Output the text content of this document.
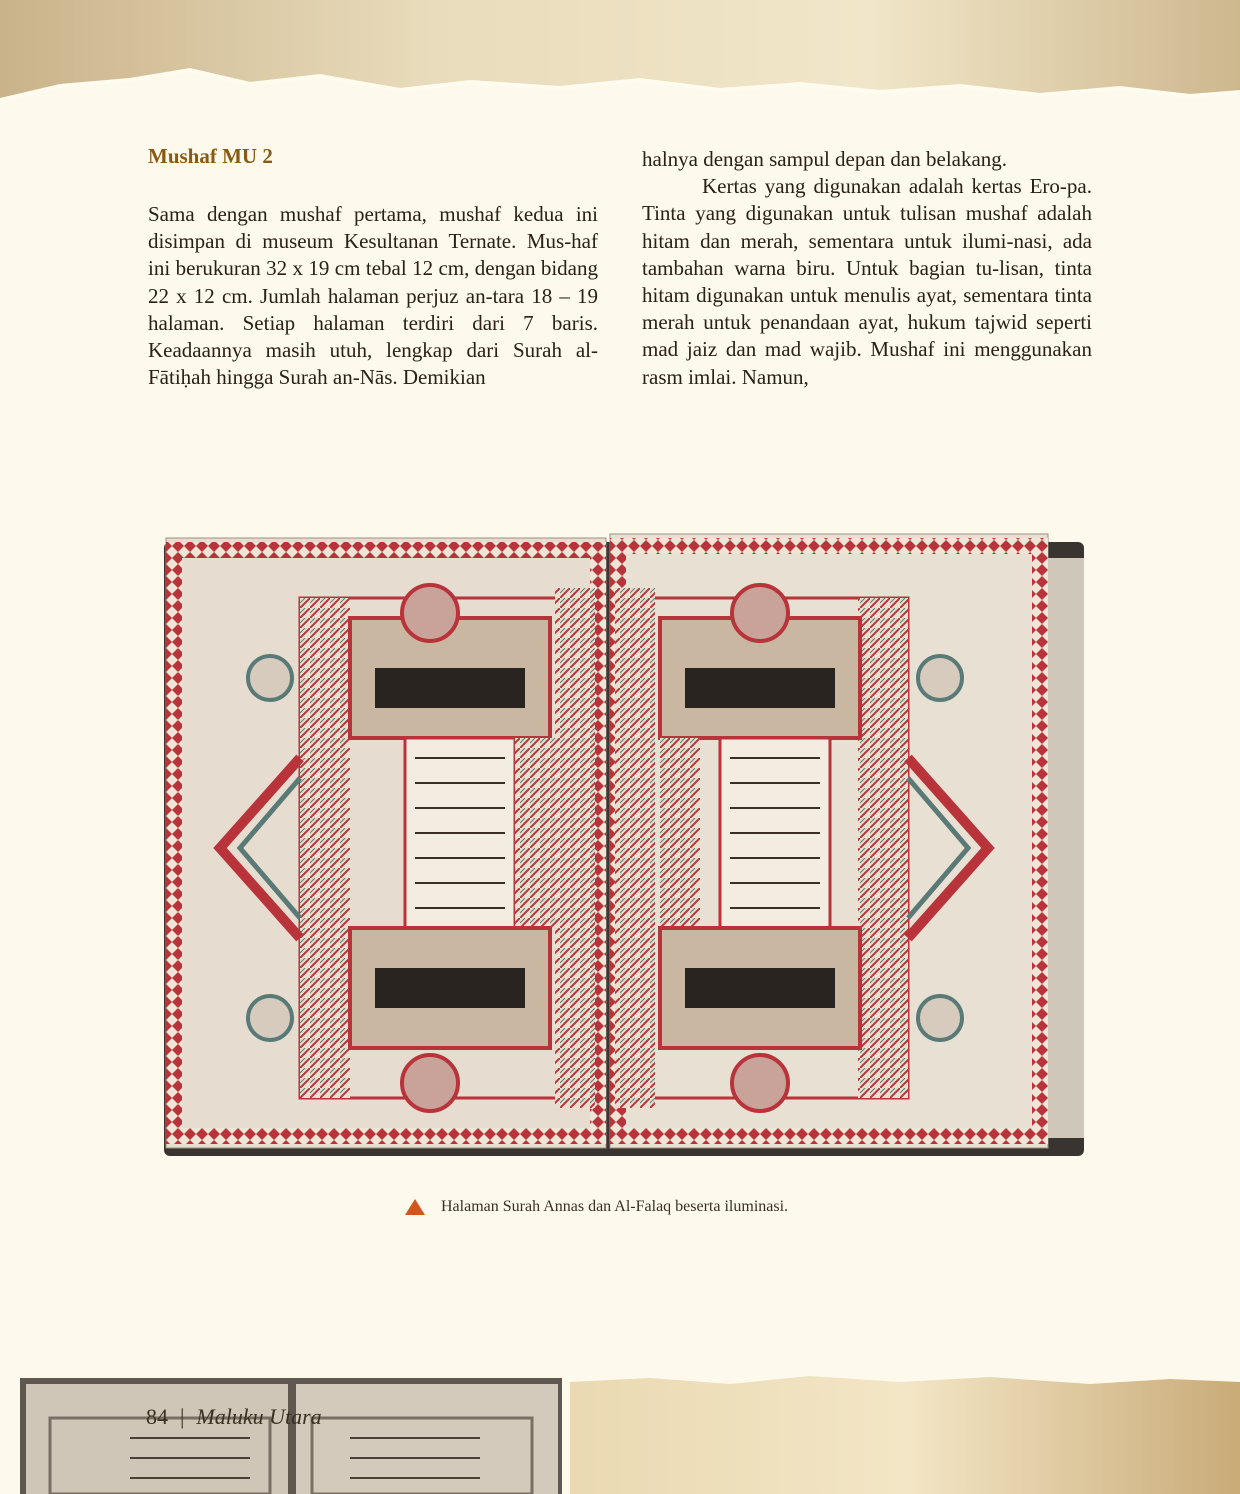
Mushaf MU 2

Sama dengan mushaf pertama, mushaf kedua ini disimpan di museum Kesultanan Ternate. Mus-haf ini berukuran 32 x 19 cm tebal 12 cm, dengan bidang 22 x 12 cm. Jumlah halaman perjuz an-tara 18 – 19 halaman. Setiap halaman terdiri dari 7 baris. Keadaannya masih utuh, lengkap dari Surah al-Fātiḥah hingga Surah an-Nās. Demikian

halnya dengan sampul depan dan belakang.

Kertas yang digunakan adalah kertas Ero-pa. Tinta yang digunakan untuk tulisan mushaf adalah hitam dan merah, sementara untuk ilumi-nasi, ada tambahan warna biru. Untuk bagian tu-lisan, tinta hitam digunakan untuk menulis ayat, sementara tinta merah untuk penandaan ayat, hukum tajwid seperti mad jaiz dan mad wajib. Mushaf ini menggunakan rasm imlai. Namun,

Halaman Surah Annas dan Al-Falaq beserta iluminasi.
84 | Maluku Utara
